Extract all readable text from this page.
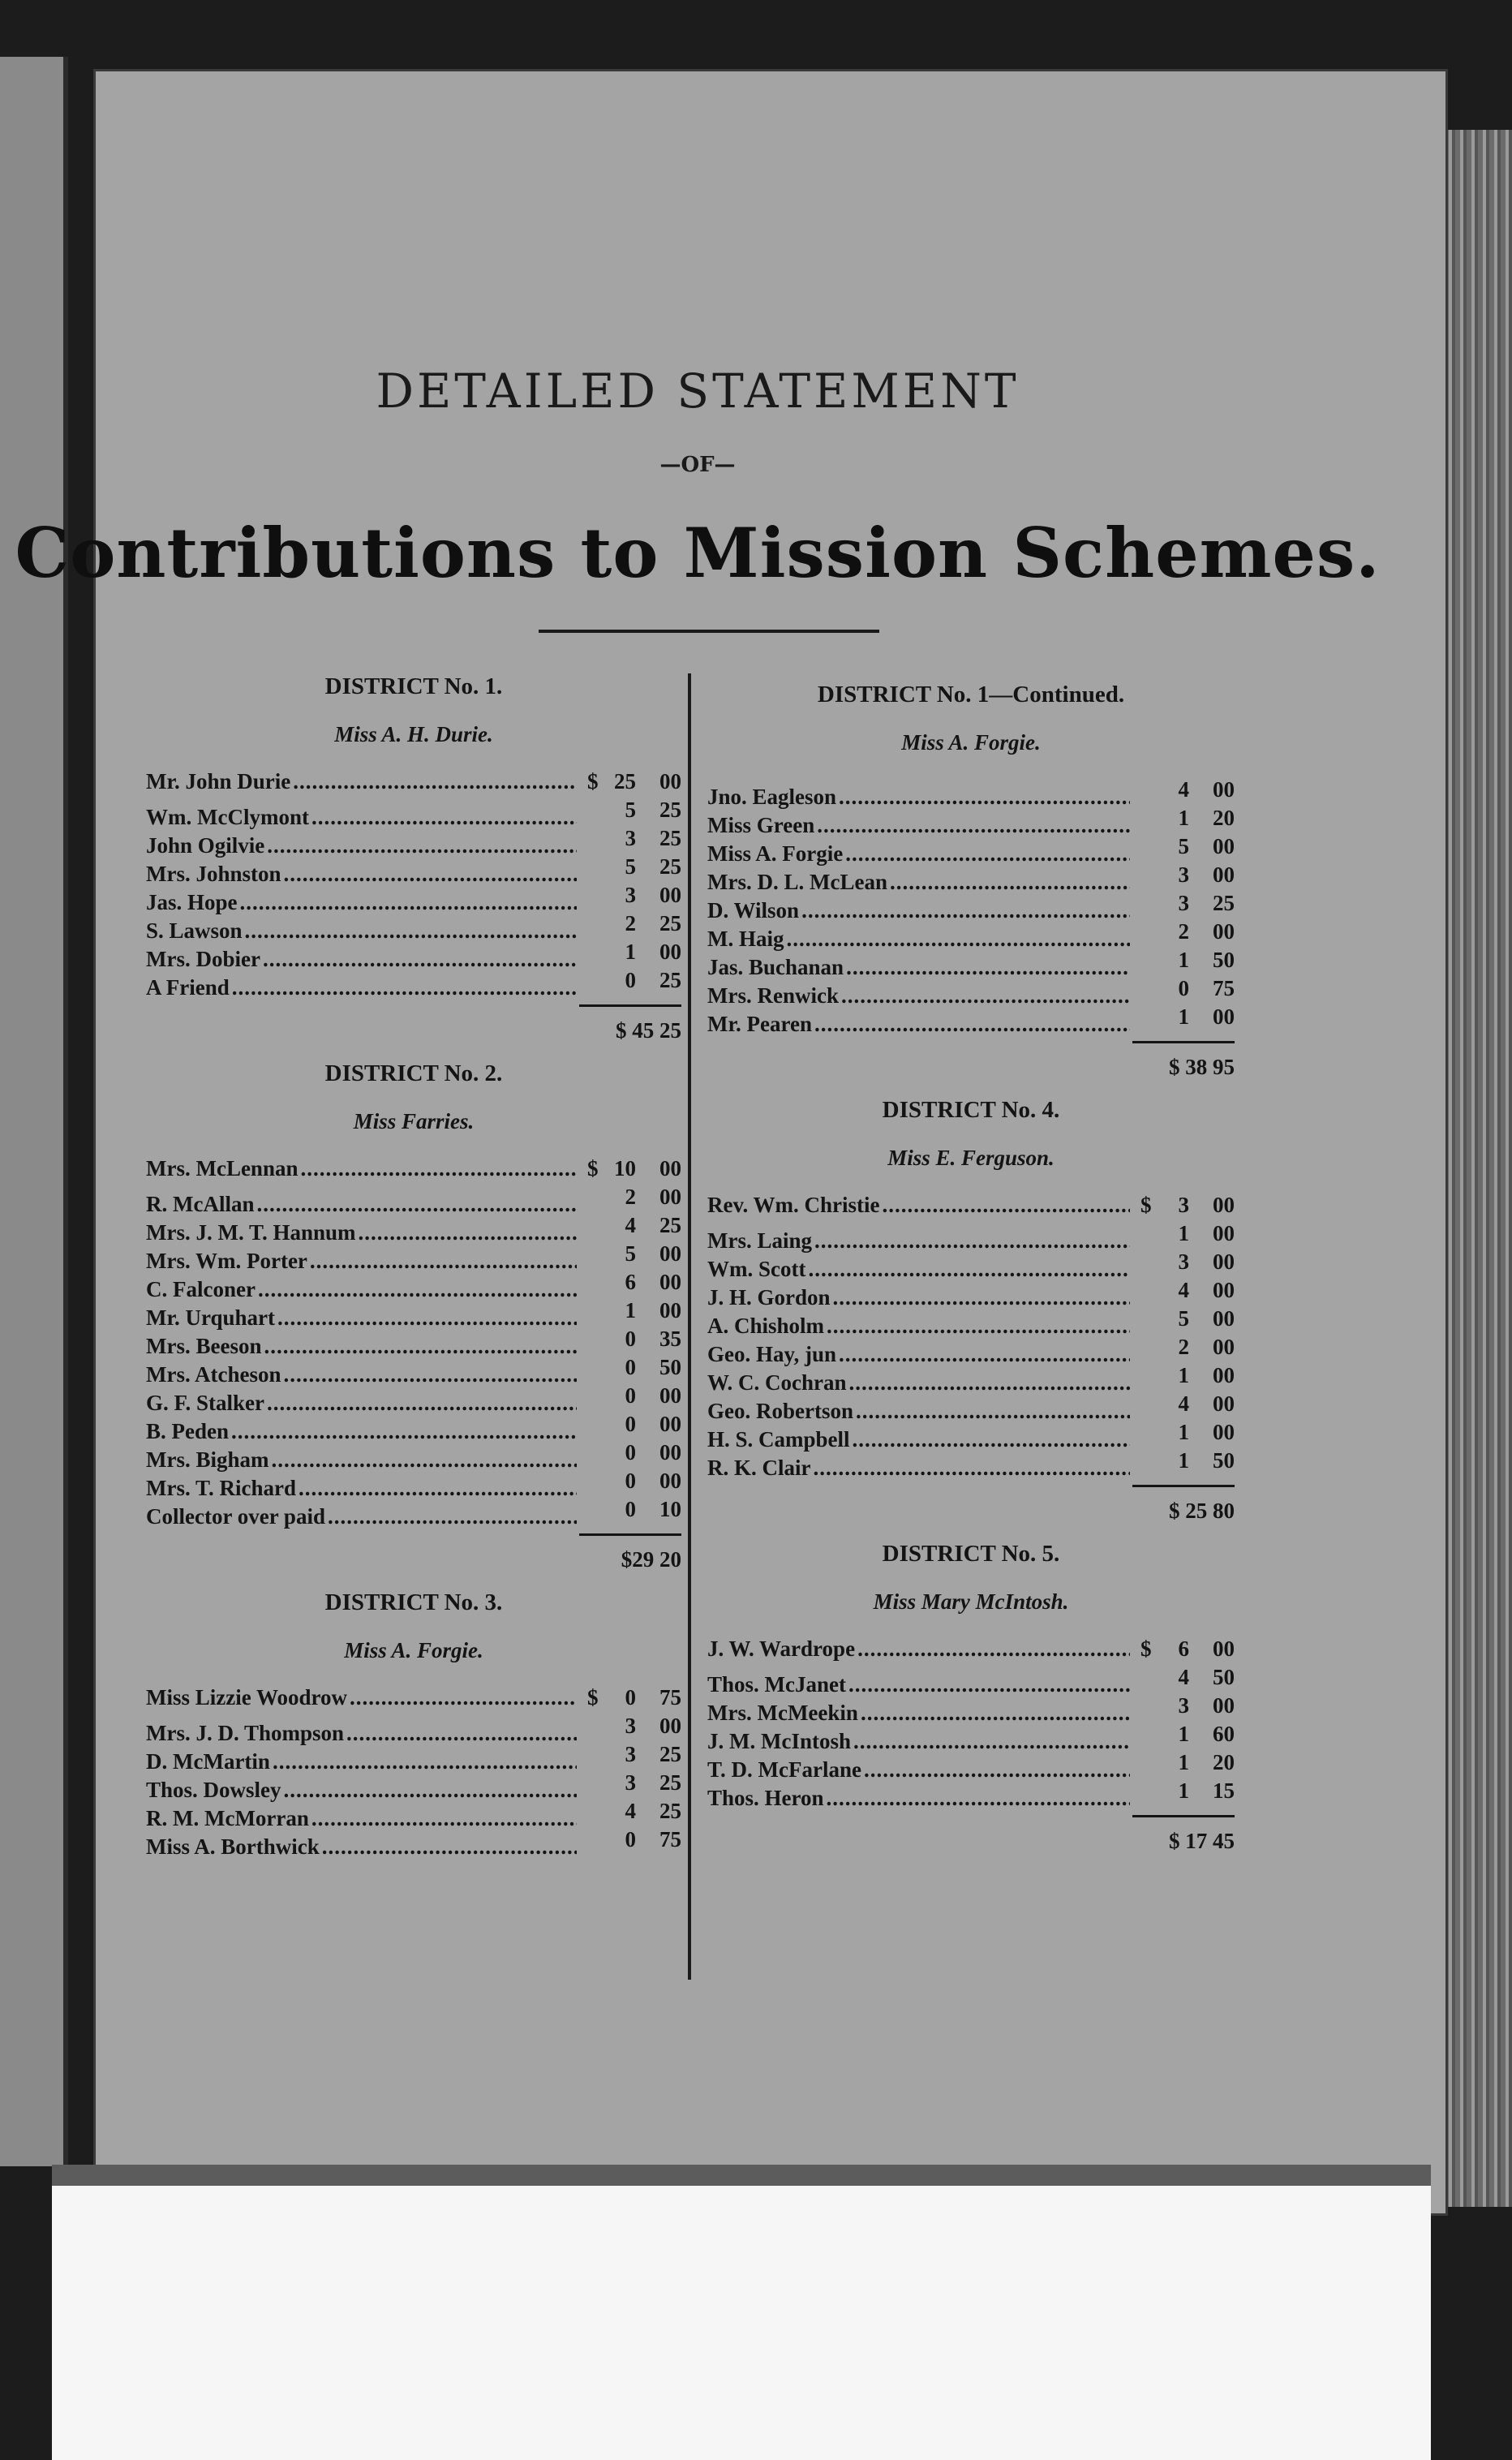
DETAILED STATEMENT
—OF—
Contributions to Mission Schemes.
DISTRICT No. 1.
Miss A. H. Durie.
Mr. John Durie .....	$ 25	00
Wm. McClymont .....	5	25
John Ogilvie .....	3	25
Mrs. Johnston .....	5	25
Jas. Hope .....	3	00
S. Lawson .....	2	25
Mrs. Dobier .....	1	00
A Friend .....	0	25
$ 45 25
DISTRICT No. 2.
Miss Farries.
Mrs. McLennan .....	$ 10	00
R. McAllan .....	2	00
Mrs. J. M. T. Hannum .....	4	25
Mrs. Wm. Porter .....	5	00
C. Falconer .....	6	00
Mr. Urquhart .....	1	00
Mrs. Beeson .....	0	35
Mrs. Atcheson .....	0	50
G. F. Stalker .....	0	00
B. Peden .....	0	00
Mrs. Bigham .....	0	00
Mrs. T. Richard .....	0	00
Collector over paid .....	0	10
$29 20
DISTRICT No. 3.
Miss A. Forgie.
Miss Lizzie Woodrow .....	$	0	75
Mrs. J. D. Thompson .....	3	00
D. McMartin .....	3	25
Thos. Dowsley .....	3	25
R. M. McMorran .....	4	25
Miss A. Borthwick .....	0	75
DISTRICT No. 1—Continued.
Miss A. Forgie.
Jno. Eagleson .....	4	00
Miss Green .....	1	20
Miss A. Forgie .....	5	00
Mrs. D. L. McLean .....	3	00
D. Wilson .....	3	25
M. Haig .....	2	00
Jas. Buchanan .....	1	50
Mrs. Renwick .....	0	75
Mr. Pearen .....	1	00
$ 38 95
DISTRICT No. 4.
Miss E. Ferguson.
Rev. Wm. Christie .....	$	3	00
Mrs. Laing .....	1	00
Wm. Scott .....	3	00
J. H. Gordon .....	4	00
A. Chisholm .....	5	00
Geo. Hay, jun .....	2	00
W. C. Cochran .....	1	00
Geo. Robertson .....	4	00
H. S. Campbell .....	1	00
R. K. Clair .....	1	50
$ 25 80
DISTRICT No. 5.
Miss Mary McIntosh.
J. W. Wardrope .....	$	6	00
Thos. McJanet .....	4	50
Mrs. McMeekin .....	3	00
J. M. McIntosh .....	1	60
T. D. McFarlane .....	1	20
Thos. Heron .....	1	15
$ 17 45
